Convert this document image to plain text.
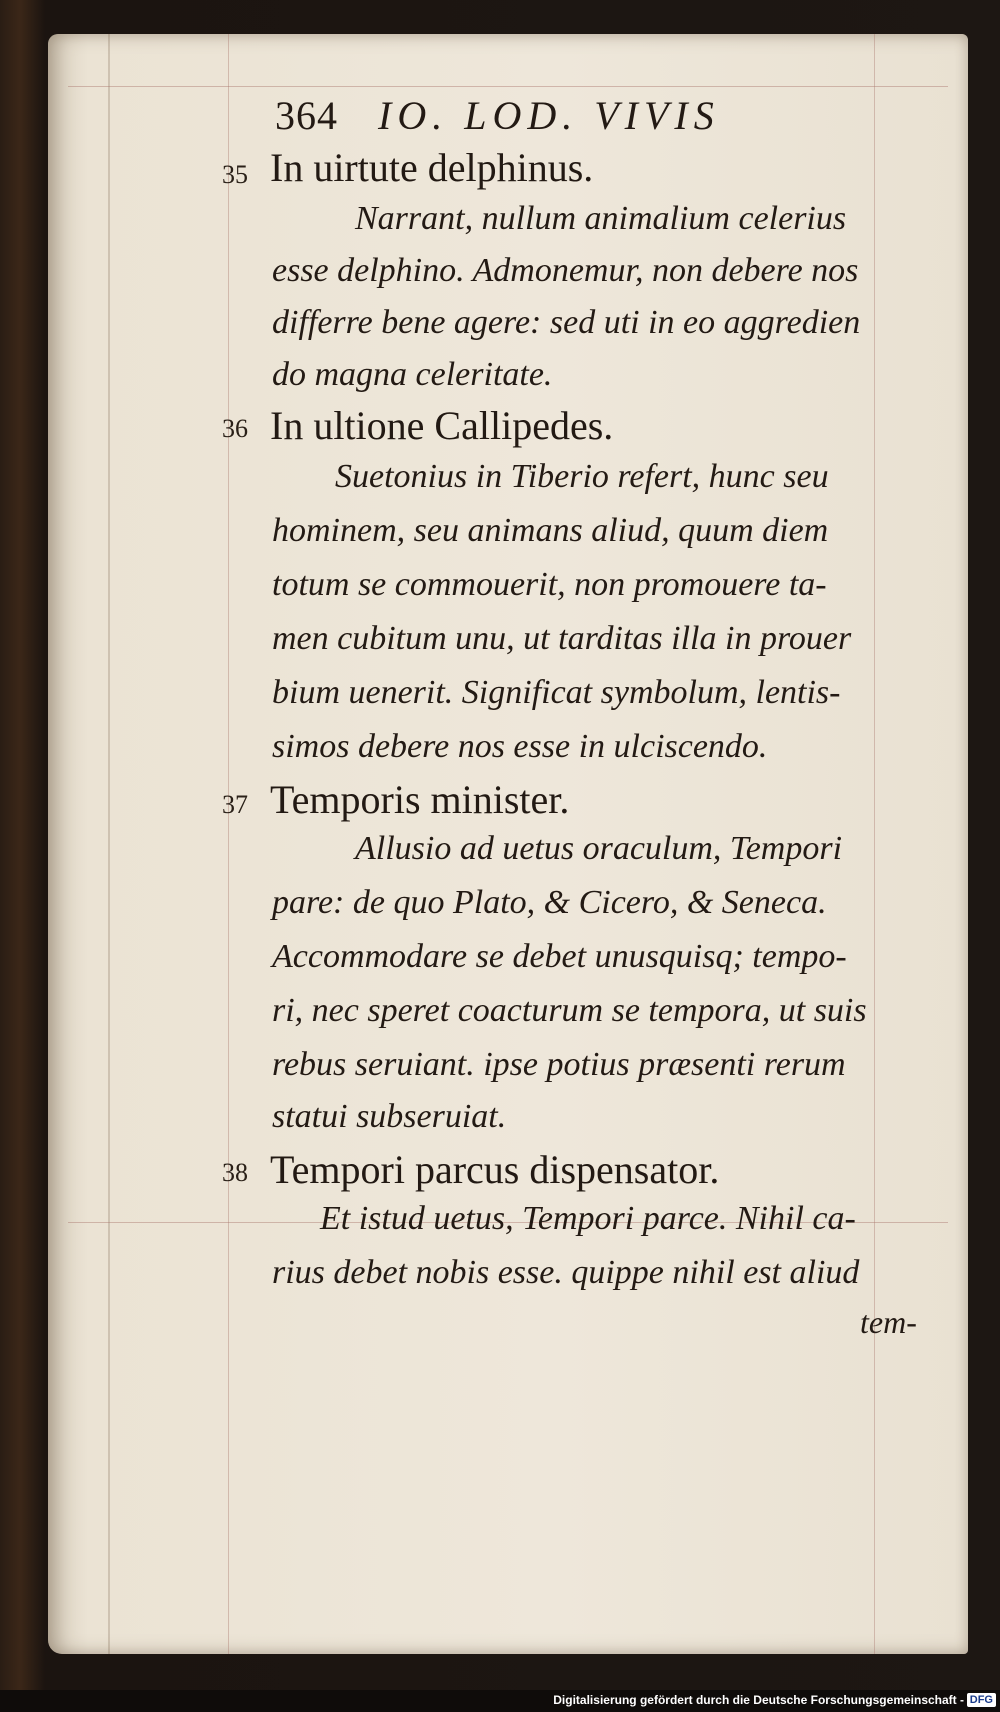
364 IO. LOD. VIVIS
35 In uirtute delphinus.
Narrant, nullum animalium celerius
esse delphino. Admonemur, non debere nos
differre bene agere: sed uti in eo aggredien
do magna celeritate.
36 In ultione Callipedes.
Suetonius in Tiberio refert, hunc seu
hominem, seu animans aliud, quum diem
totum se commouerit, non promouere ta-
men cubitum unu, ut tarditas illa in prouer
bium uenerit. Significat symbolum, lentis-
simos debere nos esse in ulciscendo.
37 Temporis minister.
Allusio ad uetus oraculum, Tempori
pare: de quo Plato, & Cicero, & Seneca.
Accommodare se debet unusquisq; tempo-
ri, nec speret coacturum se tempora, ut suis
rebus seruiant. ipse potius præsenti rerum
statui subseruiat.
38 Tempori parcus dispensator.
Et istud uetus, Tempori parce. Nihil ca-
rius debet nobis esse. quippe nihil est aliud
tem-
Digitalisierung gefördert durch die Deutsche Forschungsgemeinschaft - DFG
